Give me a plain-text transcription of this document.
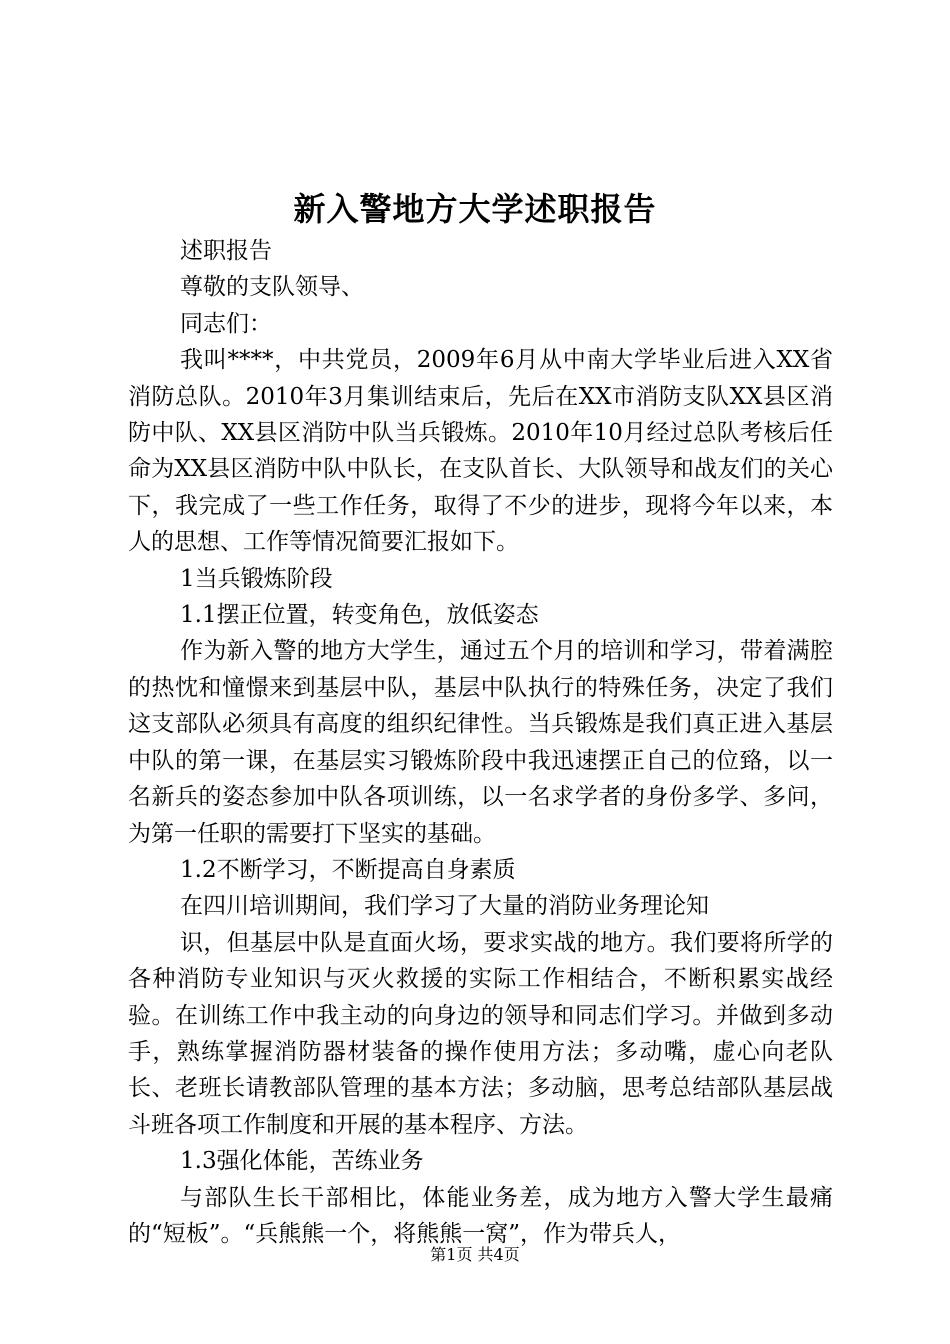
新入警地方大学述职报告

述职报告

尊敬的支队领导、

同志们：

我叫****，中共党员，2009年6月从中南大学毕业后进入XX省消防总队。2010年3月集训结束后，先后在XX市消防支队XX县区消防中队、XX县区消防中队当兵锻炼。2010年10月经过总队考核后任命为XX县区消防中队中队长，在支队首长、大队领导和战友们的关心下，我完成了一些工作任务，取得了不少的进步，现将今年以来，本人的思想、工作等情况简要汇报如下。

1当兵锻炼阶段

1.1摆正位置，转变角色，放低姿态

作为新入警的地方大学生，通过五个月的培训和学习，带着满腔的热忱和憧憬来到基层中队，基层中队执行的特殊任务，决定了我们这支部队必须具有高度的组织纪律性。当兵锻炼是我们真正进入基层中队的第一课，在基层实习锻炼阶段中我迅速摆正自己的位臵，以一名新兵的姿态参加中队各项训练，以一名求学者的身份多学、多问，为第一任职的需要打下坚实的基础。

1.2不断学习，不断提高自身素质

在四川培训期间，我们学习了大量的消防业务理论知

识，但基层中队是直面火场，要求实战的地方。我们要将所学的各种消防专业知识与灭火救援的实际工作相结合，不断积累实战经验。在训练工作中我主动的向身边的领导和同志们学习。并做到多动手，熟练掌握消防器材装备的操作使用方法；多动嘴，虚心向老队长、老班长请教部队管理的基本方法；多动脑，思考总结部队基层战斗班各项工作制度和开展的基本程序、方法。

1.3强化体能，苦练业务

与部队生长干部相比，体能业务差，成为地方入警大学生最痛的“短板”。“兵熊熊一个，将熊熊一窝”，作为带兵人，

第1页 共4页
